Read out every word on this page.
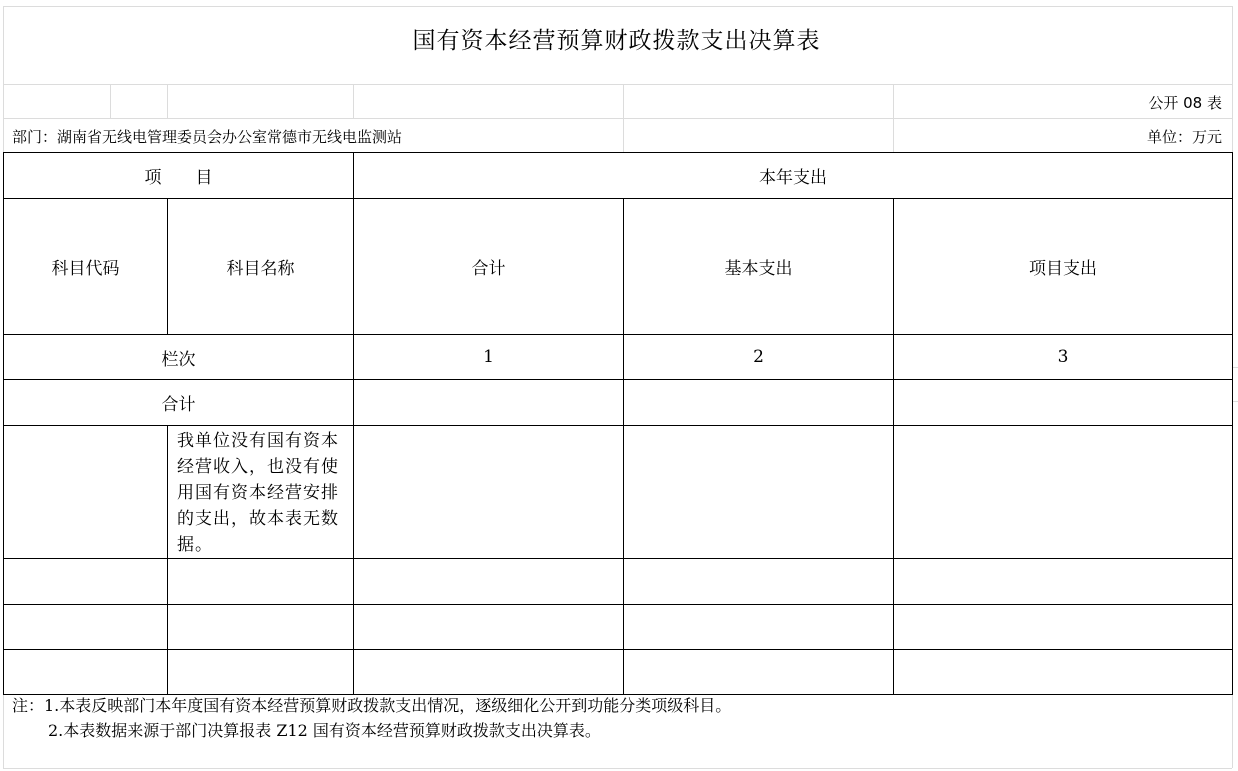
国有资本经营预算财政拨款支出决算表
公开 08 表
部门：湖南省无线电管理委员会办公室常德市无线电监测站	单位：万元
项　　目		本年支出		
科目代码	科目名称	合计	基本支出	项目支出
栏次		1	2	3
合计				
	我单位没有国有资本经营收入，也没有使用国有资本经营安排的支出，故本表无数据。			

注：1.本表反映部门本年度国有资本经营预算财政拨款支出情况，逐级细化公开到功能分类项级科目。
2.本表数据来源于部门决算报表 Z12 国有资本经营预算财政拨款支出决算表。
